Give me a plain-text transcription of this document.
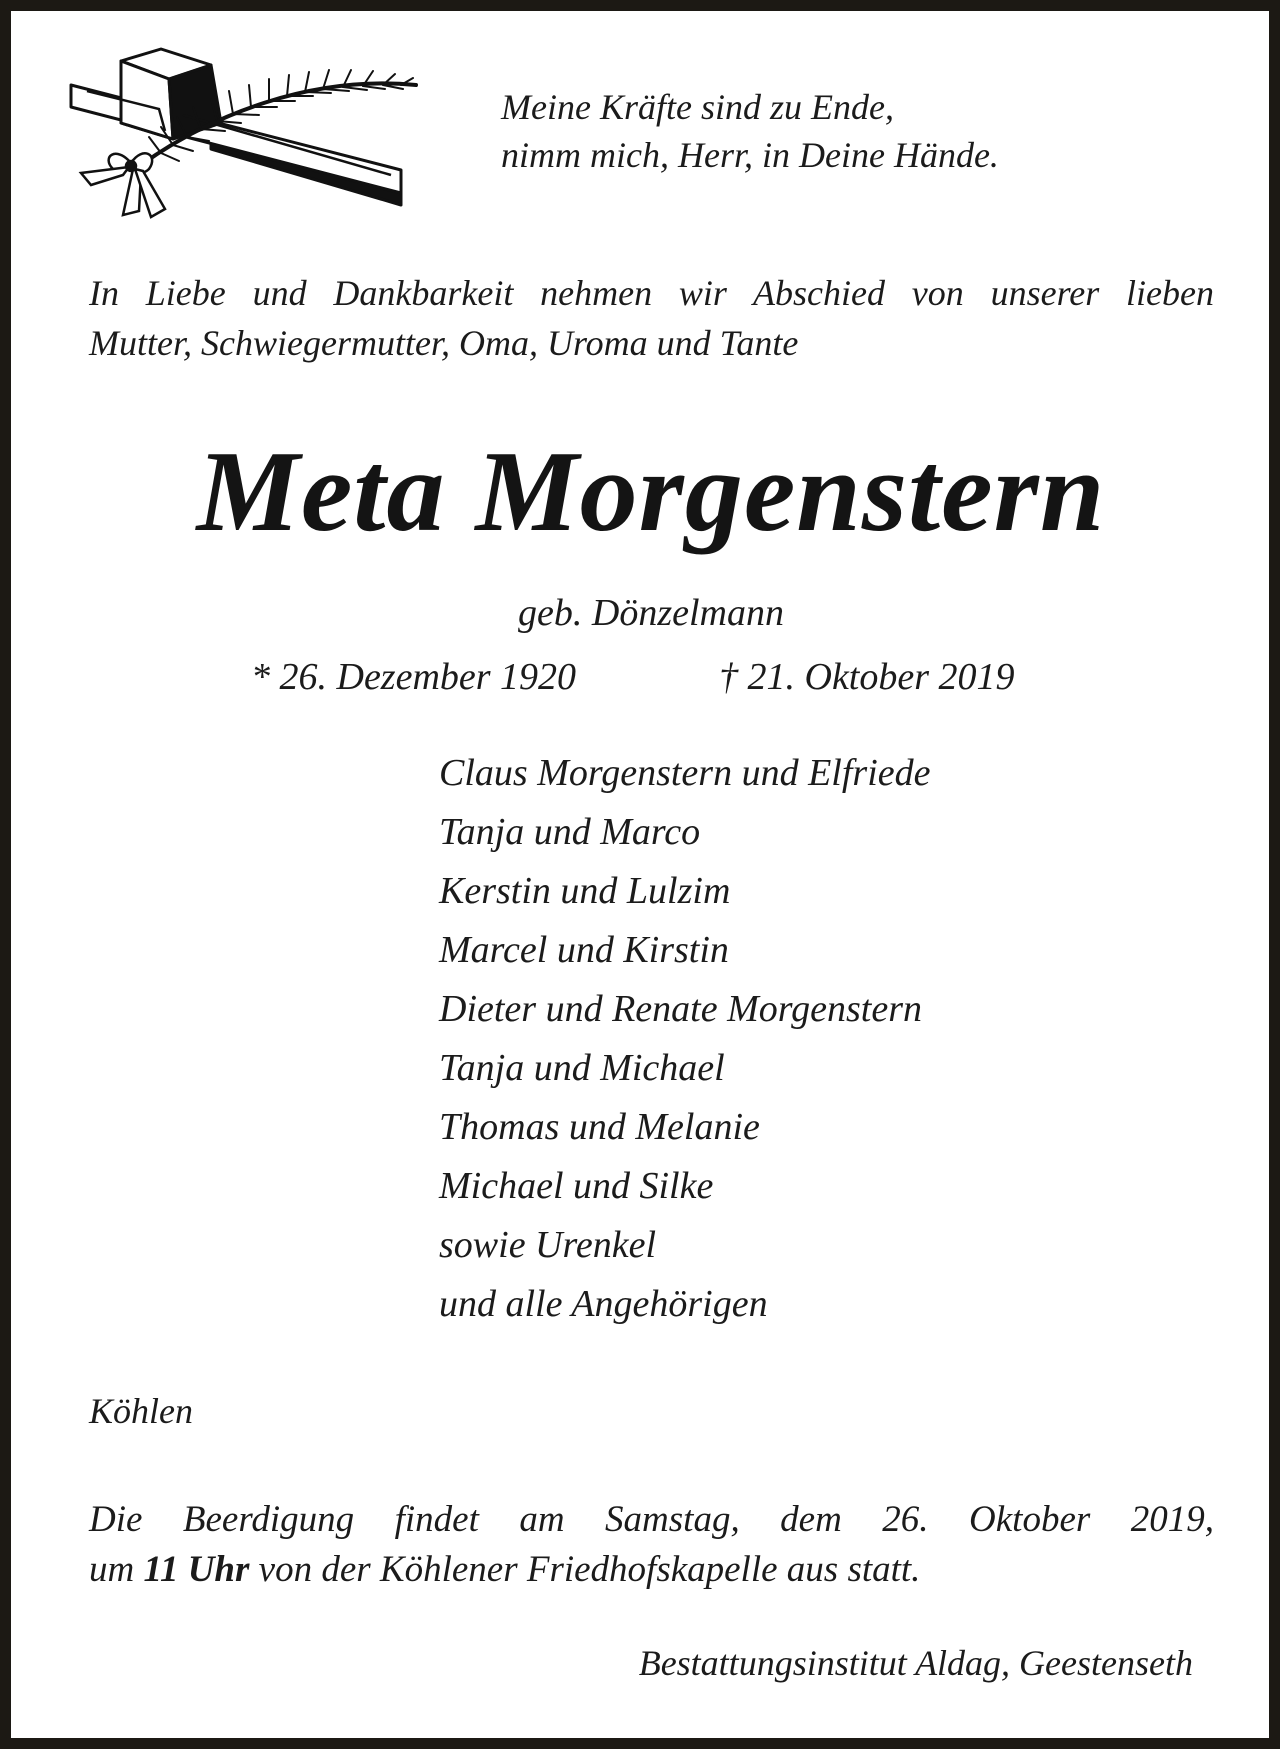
Meine Kräfte sind zu Ende,
nimm mich, Herr, in Deine Hände.
In Liebe und Dankbarkeit nehmen wir Abschied von unserer lieben
Mutter, Schwiegermutter, Oma, Uroma und Tante
Meta Morgenstern
geb. Dönzelmann
* 26. Dezember 1920	† 21. Oktober 2019
Claus Morgenstern und Elfriede
Tanja und Marco
Kerstin und Lulzim
Marcel und Kirstin
Dieter und Renate Morgenstern
Tanja und Michael
Thomas und Melanie
Michael und Silke
sowie Urenkel
und alle Angehörigen
Köhlen
Die Beerdigung findet am Samstag, dem 26. Oktober 2019,
um 11 Uhr von der Köhlener Friedhofskapelle aus statt.
Bestattungsinstitut Aldag, Geestenseth
